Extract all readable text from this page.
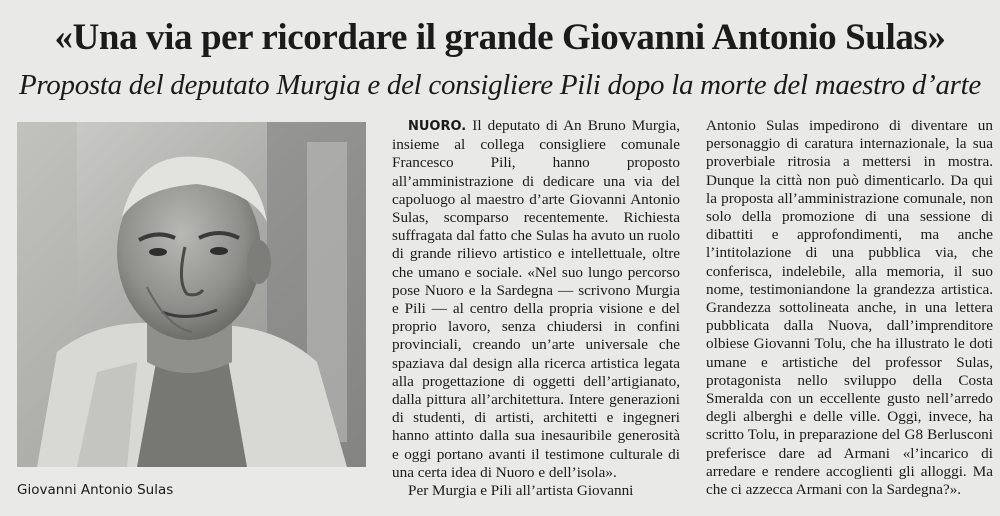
«Una via per ricordare il grande Giovanni Antonio Sulas»
Proposta del deputato Murgia e del consigliere Pili dopo la morte del maestro d’arte
Giovanni Antonio Sulas

NUORO. Il deputato di An Bruno Murgia, insieme al collega consigliere comunale Francesco Pili, hanno proposto all’amministrazione di dedicare una via del capoluogo al maestro d’arte Giovanni Antonio Sulas, scomparso recentemente. Richiesta suffragata dal fatto che Sulas ha avuto un ruolo di grande rilievo artistico e intellettuale, oltre che umano e sociale. «Nel suo lungo percorso pose Nuoro e la Sardegna — scrivono Murgia e Pili — al centro della propria visione e del proprio lavoro, senza chiudersi in confini provinciali, creando un’arte universale che spaziava dal design alla ricerca artistica legata alla progettazione di oggetti dell’artigianato, dalla pittura all’architettura. Intere generazioni di studenti, di artisti, architetti e ingegneri hanno attinto dalla sua inesauribile generosità e oggi portano avanti il testimone culturale di una certa idea di Nuoro e dell’isola».

Per Murgia e Pili all’artista Giovanni

Antonio Sulas impedirono di diventare un personaggio di caratura internazionale, la sua proverbiale ritrosia a mettersi in mostra. Dunque la città non può dimenticarlo. Da qui la proposta all’amministrazione comunale, non solo della promozione di una sessione di dibattiti e approfondimenti, ma anche l’intitolazione di una pubblica via, che conferisca, indelebile, alla memoria, il suo nome, testimoniandone la grandezza artistica. Grandezza sottolineata anche, in una lettera pubblicata dalla Nuova, dall’imprenditore olbiese Giovanni Tolu, che ha illustrato le doti umane e artistiche del professor Sulas, protagonista nello sviluppo della Costa Smeralda con un eccellente gusto nell’arredo degli alberghi e delle ville. Oggi, invece, ha scritto Tolu, in preparazione del G8 Berlusconi preferisce dare ad Armani «l’incarico di arredare e rendere accoglienti gli alloggi. Ma che ci azzecca Armani con la Sardegna?».
